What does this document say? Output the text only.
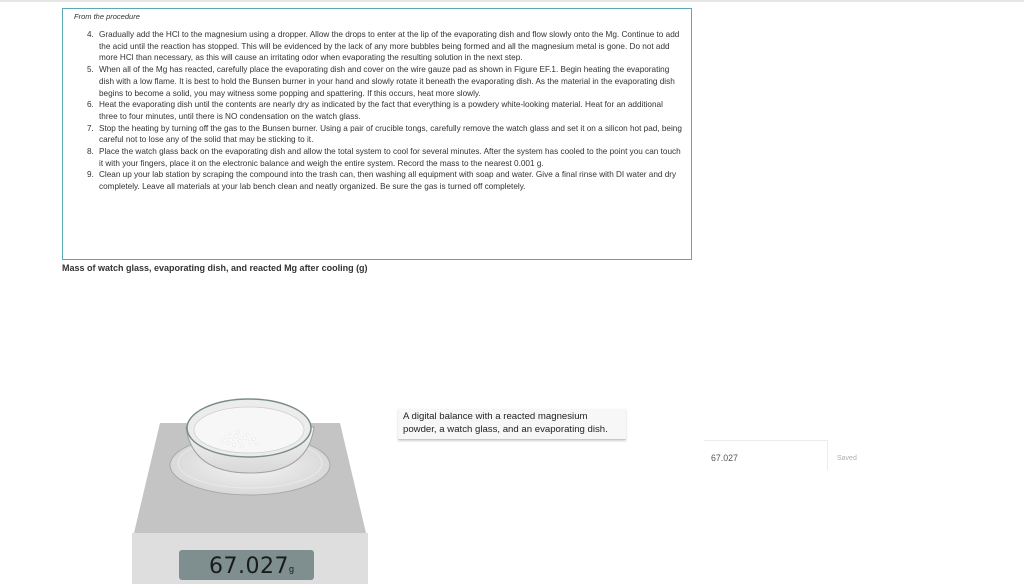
From the procedure
4. Gradually add the HCl to the magnesium using a dropper. Allow the drops to enter at the lip of the evaporating dish and flow slowly onto the Mg. Continue to add the acid until the reaction has stopped. This will be evidenced by the lack of any more bubbles being formed and all the magnesium metal is gone. Do not add more HCl than necessary, as this will cause an irritating odor when evaporating the resulting solution in the next step.
5. When all of the Mg has reacted, carefully place the evaporating dish and cover on the wire gauze pad as shown in Figure EF.1. Begin heating the evaporating dish with a low flame. It is best to hold the Bunsen burner in your hand and slowly rotate it beneath the evaporating dish. As the material in the evaporating dish begins to become a solid, you may witness some popping and spattering. If this occurs, heat more slowly.
6. Heat the evaporating dish until the contents are nearly dry as indicated by the fact that everything is a powdery white-looking material. Heat for an additional three to four minutes, until there is NO condensation on the watch glass.
7. Stop the heating by turning off the gas to the Bunsen burner. Using a pair of crucible tongs, carefully remove the watch glass and set it on a silicon hot pad, being careful not to lose any of the solid that may be sticking to it.
8. Place the watch glass back on the evaporating dish and allow the total system to cool for several minutes. After the system has cooled to the point you can touch it with your fingers, place it on the electronic balance and weigh the entire system. Record the mass to the nearest 0.001 g.
9. Clean up your lab station by scraping the compound into the trash can, then washing all equipment with soap and water. Give a final rinse with DI water and dry completely. Leave all materials at your lab bench clean and neatly organized. Be sure the gas is turned off completely.
Mass of watch glass, evaporating dish, and reacted Mg after cooling (g)
67.027 g
A digital balance with a reacted magnesium powder, a watch glass, and an evaporating dish.
67.027	Saved
